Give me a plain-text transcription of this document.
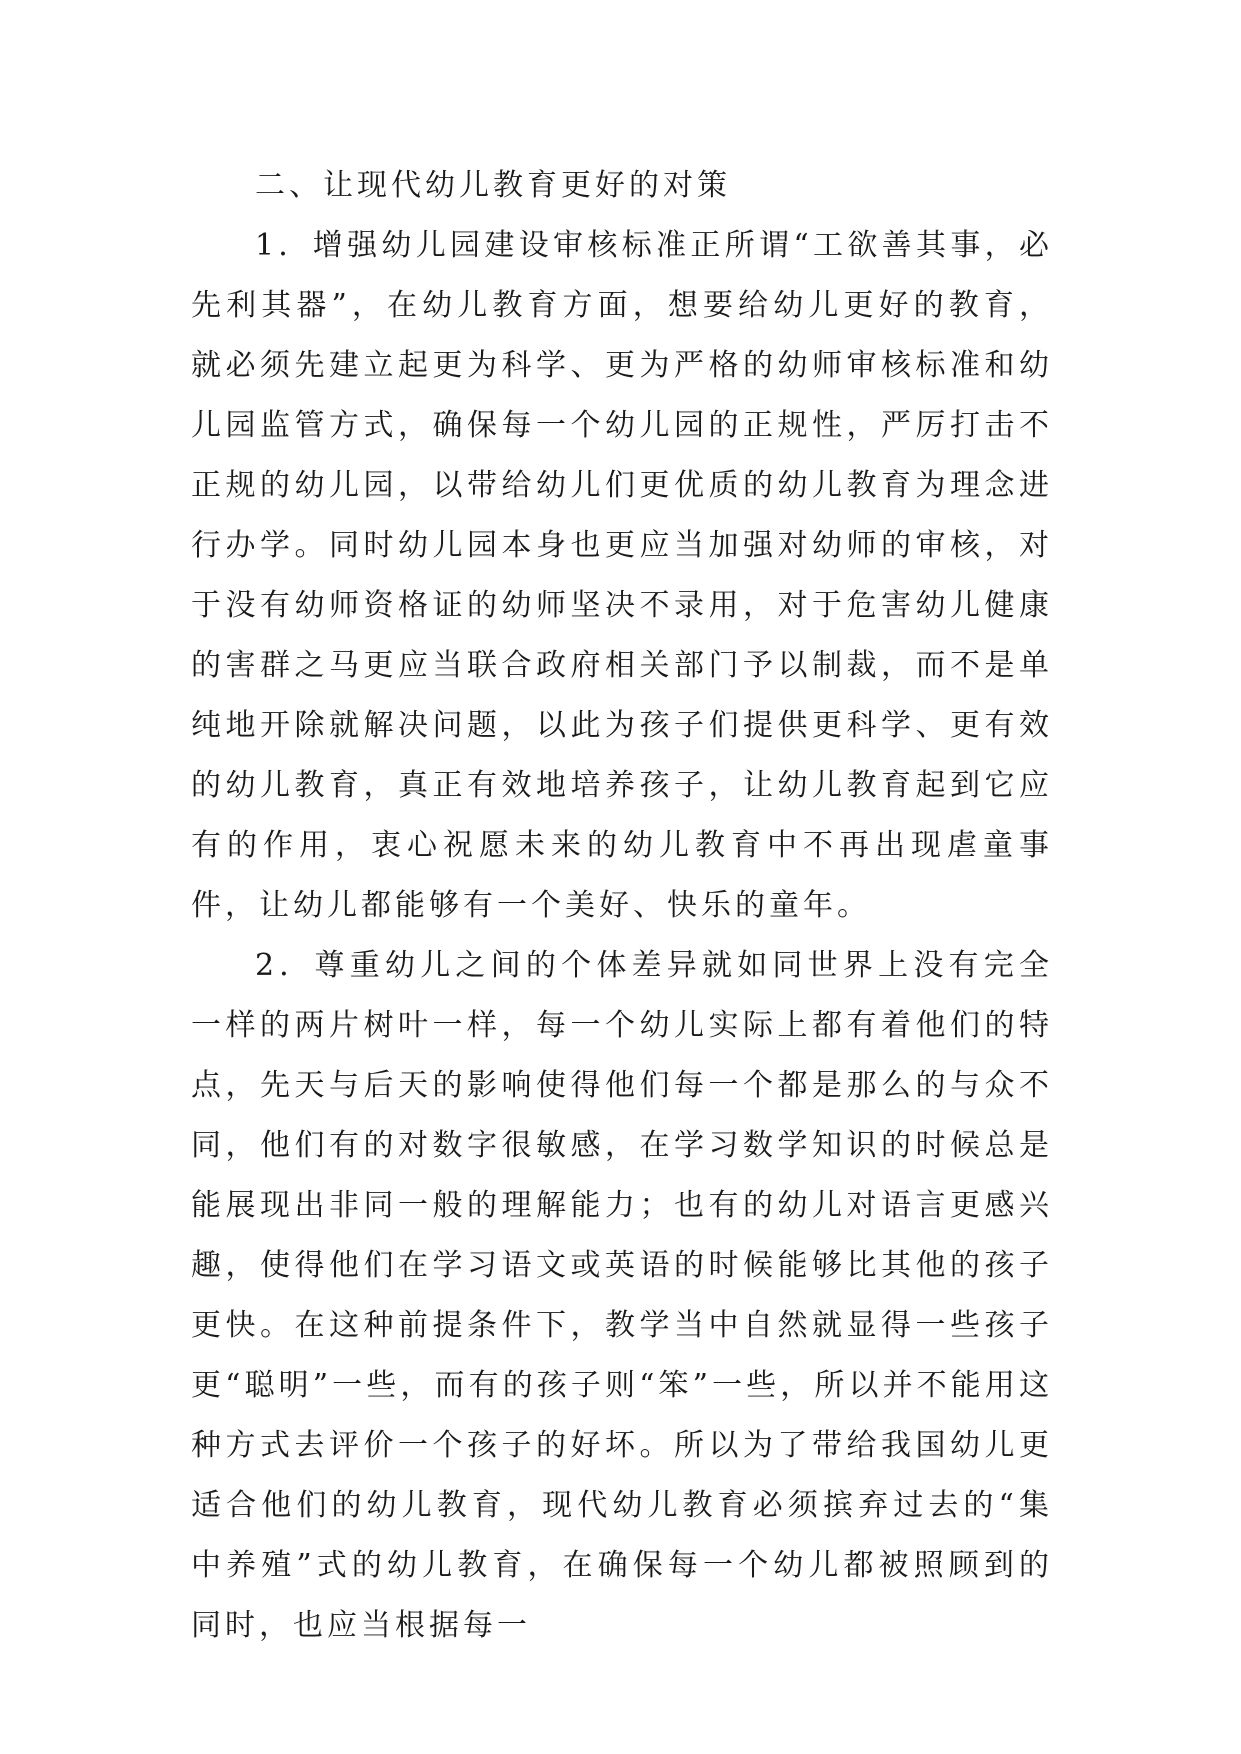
二、让现代幼儿教育更好的对策

1．增强幼儿园建设审核标准正所谓“工欲善其事，必先利其器”，在幼儿教育方面，想要给幼儿更好的教育，就必须先建立起更为科学、更为严格的幼师审核标准和幼儿园监管方式，确保每一个幼儿园的正规性，严厉打击不正规的幼儿园，以带给幼儿们更优质的幼儿教育为理念进行办学。同时幼儿园本身也更应当加强对幼师的审核，对于没有幼师资格证的幼师坚决不录用，对于危害幼儿健康的害群之马更应当联合政府相关部门予以制裁，而不是单纯地开除就解决问题，以此为孩子们提供更科学、更有效的幼儿教育，真正有效地培养孩子，让幼儿教育起到它应有的作用，衷心祝愿未来的幼儿教育中不再出现虐童事件，让幼儿都能够有一个美好、快乐的童年。

2．尊重幼儿之间的个体差异就如同世界上没有完全一样的两片树叶一样，每一个幼儿实际上都有着他们的特点，先天与后天的影响使得他们每一个都是那么的与众不同，他们有的对数字很敏感，在学习数学知识的时候总是能展现出非同一般的理解能力；也有的幼儿对语言更感兴趣，使得他们在学习语文或英语的时候能够比其他的孩子更快。在这种前提条件下，教学当中自然就显得一些孩子更“聪明”一些，而有的孩子则“笨”一些，所以并不能用这种方式去评价一个孩子的好坏。所以为了带给我国幼儿更适合他们的幼儿教育，现代幼儿教育必须摈弃过去的“集中养殖”式的幼儿教育，在确保每一个幼儿都被照顾到的同时，也应当根据每一
